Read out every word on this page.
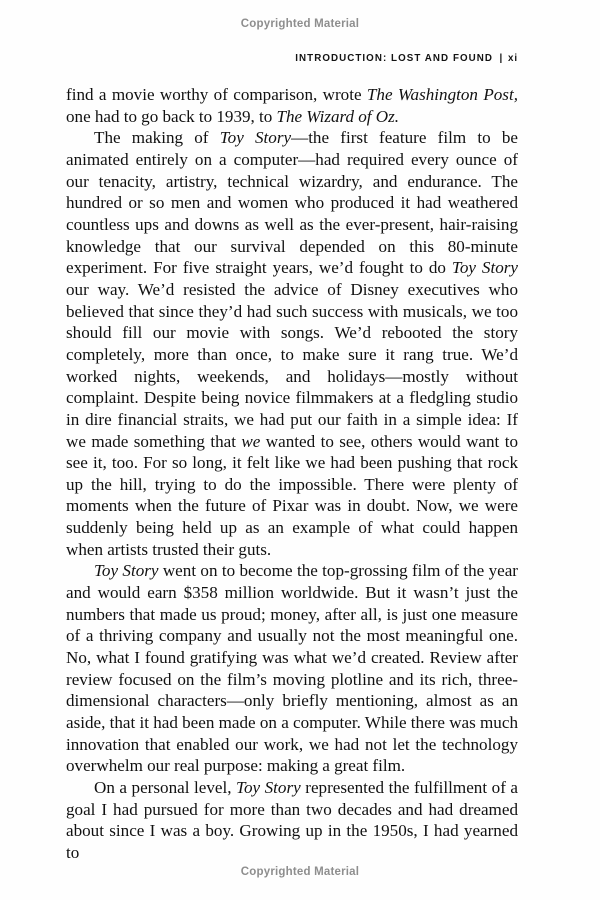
Copyrighted Material
INTRODUCTION: LOST AND FOUND | xi

find a movie worthy of comparison, wrote The Washington Post, one had to go back to 1939, to The Wizard of Oz.

The making of Toy Story—the first feature film to be animated entirely on a computer—had required every ounce of our tenacity, artistry, technical wizardry, and endurance. The hundred or so men and women who produced it had weathered countless ups and downs as well as the ever-present, hair-raising knowledge that our survival depended on this 80-minute experiment. For five straight years, we’d fought to do Toy Story our way. We’d resisted the advice of Disney executives who believed that since they’d had such success with musicals, we too should fill our movie with songs. We’d rebooted the story completely, more than once, to make sure it rang true. We’d worked nights, weekends, and holidays—mostly without complaint. Despite being novice filmmakers at a fledgling studio in dire financial straits, we had put our faith in a simple idea: If we made something that we wanted to see, others would want to see it, too. For so long, it felt like we had been pushing that rock up the hill, trying to do the impossible. There were plenty of moments when the future of Pixar was in doubt. Now, we were suddenly being held up as an example of what could happen when artists trusted their guts.

Toy Story went on to become the top-grossing film of the year and would earn $358 million worldwide. But it wasn’t just the numbers that made us proud; money, after all, is just one measure of a thriving company and usually not the most meaningful one. No, what I found gratifying was what we’d created. Review after review focused on the film’s moving plotline and its rich, three-dimensional characters—only briefly mentioning, almost as an aside, that it had been made on a computer. While there was much innovation that enabled our work, we had not let the technology overwhelm our real purpose: making a great film.

On a personal level, Toy Story represented the fulfillment of a goal I had pursued for more than two decades and had dreamed about since I was a boy. Growing up in the 1950s, I had yearned to

Copyrighted Material
